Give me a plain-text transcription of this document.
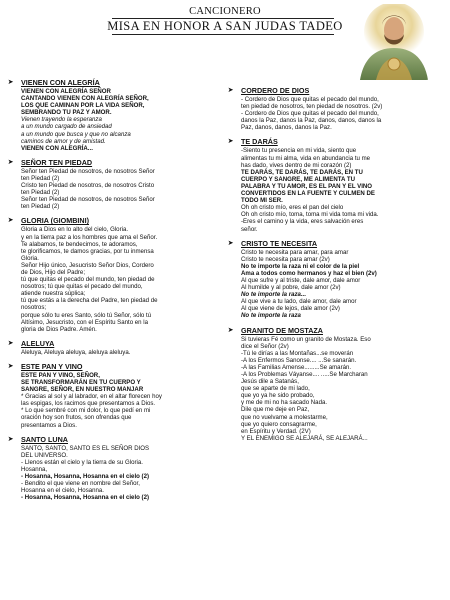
CANCIONERO
MISA EN HONOR A SAN JUDAS TADEO
➤ VIENEN CON ALEGRÍA
VIENEN CON ALEGRÍA SEÑOR
CANTANDO VIENEN CON ALEGRÍA SEÑOR,
LOS QUE CAMINAN POR LA VIDA SEÑOR,
SEMBRANDO TU PAZ Y AMOR.
Vienen trayendo la esperanza
a un mundo cargado de ansiedad
a un mundo que busca y que no alcanza
caminos de amor y de amistad.
VIENEN CON ALEGRÍA...
➤ SEÑOR TEN PIEDAD
Señor ten Piedad de nosotros, de nosotros Señor
ten Piedad (2)
Cristo ten Piedad de nosotros, de nosotros Cristo
ten Piedad (2)
Señor ten Piedad de nosotros, de nosotros Señor
ten Piedad (2)
➤ GLORIA (GIOMBINI)
Gloria a Dios en lo alto del cielo, Gloria.
y en la tierra paz a los hombres que ama el Señor.
Te alabamos, te bendecimos, te adoramos,
te glorificamos, te damos gracias, por tu inmensa
Gloria.
Señor Hijo único, Jesucristo Señor Dios, Cordero
de Dios, Hijo del Padre;
tú que quitas el pecado del mundo, ten piedad de
nosotros; tú que quitas el pecado del mundo,
atiende nuestra súplica;
tú que estás a la derecha del Padre, ten piedad de
nosotros;
porque sólo tu eres Santo, sólo tú Señor, sólo tú
Altísimo, Jesucristo, con el Espíritu Santo en la
gloria de Dios Padre. Amén.
➤ ALELUYA
Aleluya, Aleluya aleluya, aleluya aleluya.
➤ ESTE PAN Y VINO
ESTE PAN Y VINO, SEÑOR,
SE TRANSFORMARÁN EN TU CUERPO Y
SANGRE, SEÑOR, EN NUESTRO MANJAR
* Gracias al sol y al labrador, en el altar florecen hoy
las espigas, los racimos que presentamos a Dios.
* Lo que sembré con mi dolor, lo que pedí en mi
oración hoy son frutos, son ofrendas que
presentamos a Dios.
➤ SANTO LUNA
SANTO, SANTO, SANTO ES EL SEÑOR DIOS
DEL UNIVERSO.
- Llenos están el cielo y la tierra de su Gloria.
Hosanna,
- Hosanna, Hosanna, Hosanna en el cielo (2)
- Bendito el que viene en nombre del Señor,
Hosanna en el cielo, Hosanna.
- Hosanna, Hosanna, Hosanna en el cielo (2)
➤ CORDERO DE DIOS
- Cordero de Dios que quitas el pecado del mundo,
ten piedad de nosotros, ten piedad de nosotros. (2v)
- Cordero de Dios que quitas el pecado del mundo,
danos la Paz, danos la Paz, danos, danos, danos la
Paz, danos, danos, danos la Paz.
➤ TE DARÁS
-Siento tu presencia en mi vida, siento que
alimentas tu mi alma, vida en abundancia tu me
has dado, vives dentro de mi corazón (2)
TE DARÁS, TE DARÁS, TE DARÁS, EN TU
CUERPO Y SANGRE, ME ALIMENTA TU
PALABRA Y TU AMOR, ES EL PAN Y EL VINO
CONVERTIDOS EN LA FUENTE Y CULMEN DE
TODO MI SER.
Oh oh cristo mío, eres el pan del cielo
Oh oh cristo mío, toma, toma mi vida toma mi vida.
-Eres el camino y la vida, eres salvación eres
señor.
➤ CRISTO TE NECESITA
Cristo te necesita para amar, para amar
Cristo te necesita para amar (2v)
No te importe la raza ni el color de la piel
Ama a todos como hermanos y haz el bien (2v)
Al que sufre y al triste, dale amor, dale amor
Al humilde y al pobre, dale amor (2v)
No te importe la raza...
Al que vive a tu lado, dale amor, dale amor
Al que viene de lejos, dale amor (2v)
No te importe la raza
➤ GRANITO DE MOSTAZA
Si tuvieras Fé como un granito de Mostaza. Eso
dice el Señor (2v)
-Tú le dirías a las Montañas...se moverán
-A los Enfermos Sanonse.... ...Se sanarán.
-A las Familias Amense.........Se amarán.
-A los Problemas Váyanse.... .....Se Marcharan
Jesús dile a Satanás,
que se aparte de mi lado,
que yo ya he sido probado,
y me de mi no ha sacado Nada.
Dile que me deje en Paz,
que no vuelvame a molestarme,
que yo quiero consagrarme,
en Espíritu y Verdad. (2V)
Y EL ENEMIGO SE ALEJARÁ, SE ALEJARÁ...
